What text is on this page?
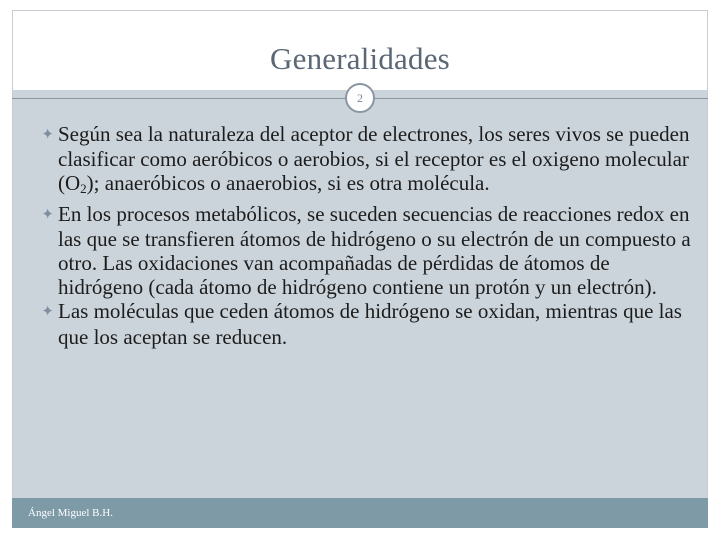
Generalidades
2
✦ Según sea la naturaleza del aceptor de electrones, los seres vivos se pueden clasificar como aeróbicos o aerobios, si el receptor es el oxigeno molecular $(O_2)$; anaeróbicos o anaerobios, si es otra molécula.
✦ En los procesos metabólicos, se suceden secuencias de reacciones redox en las que se transfieren átomos de hidrógeno o su electrón de un compuesto a otro. Las oxidaciones van acompañadas de pérdidas de átomos de hidrógeno (cada átomo de hidrógeno contiene un protón y un electrón).
✦ Las moléculas que ceden átomos de hidrógeno se oxidan, mientras que las que los aceptan se reducen.
Ángel Miguel B.H.
